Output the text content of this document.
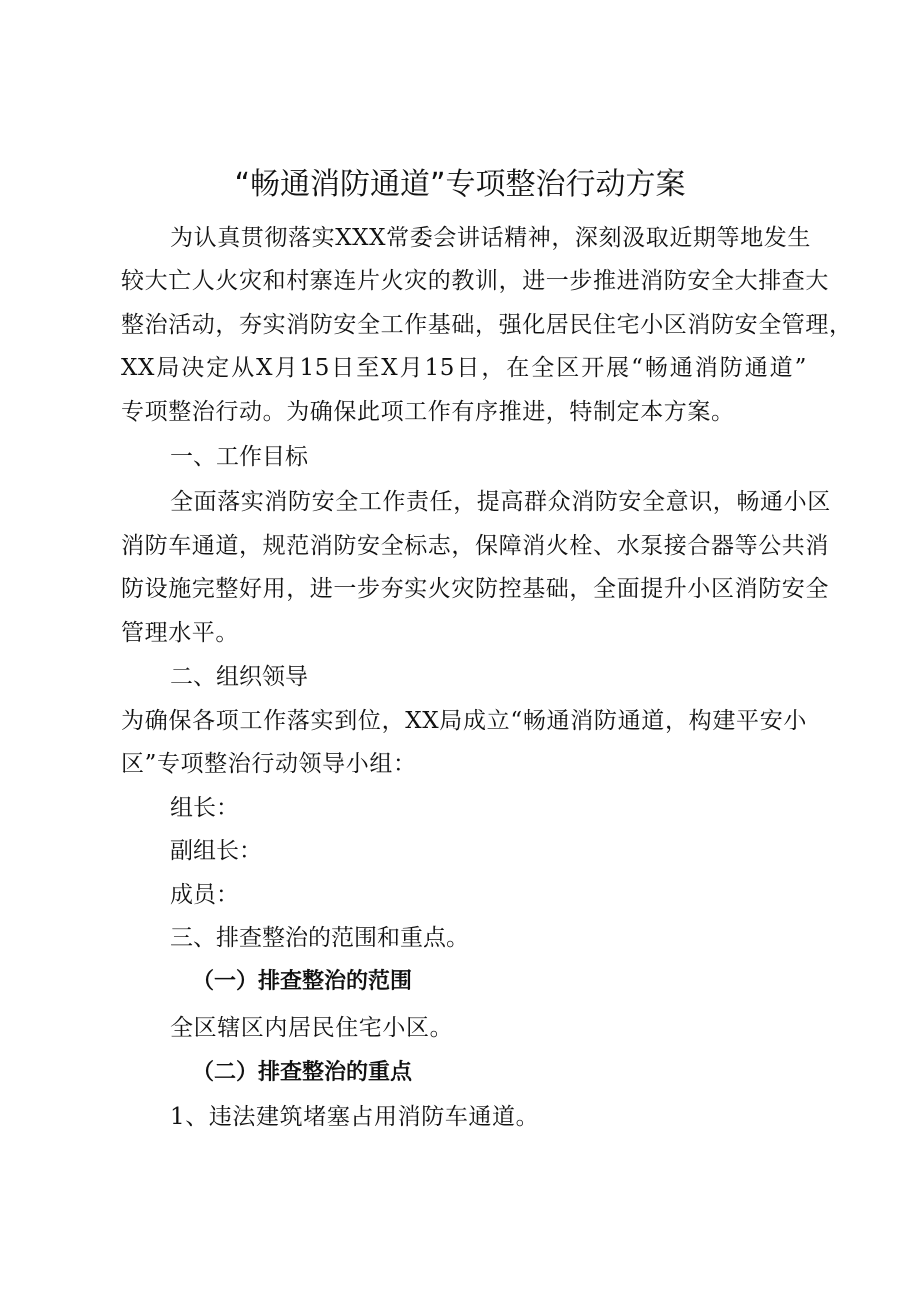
“畅通消防通道”专项整治行动方案
为认真贯彻落实XXX常委会讲话精神，深刻汲取近期等地发生
较大亡人火灾和村寨连片火灾的教训，进一步推进消防安全大排查大
整治活动，夯实消防安全工作基础，强化居民住宅小区消防安全管理，
XX局决定从X月15日至X月15日，在全区开展“畅通消防通道”
专项整治行动。为确保此项工作有序推进，特制定本方案。
一、工作目标
全面落实消防安全工作责任，提高群众消防安全意识，畅通小区
消防车通道，规范消防安全标志，保障消火栓、水泵接合器等公共消
防设施完整好用，进一步夯实火灾防控基础，全面提升小区消防安全
管理水平。
二、组织领导
为确保各项工作落实到位，XX局成立“畅通消防通道，构建平安小
区”专项整治行动领导小组：
组长：
副组长：
成员：
三、排查整治的范围和重点。
（一）排查整治的范围
全区辖区内居民住宅小区。
（二）排查整治的重点
1、违法建筑堵塞占用消防车通道。
